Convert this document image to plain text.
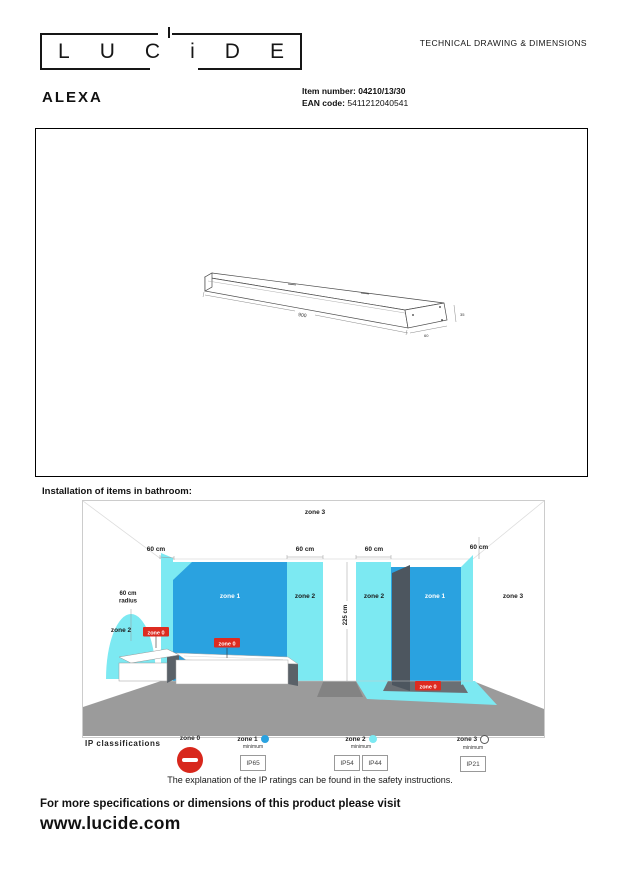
L U C i D E	TECHNICAL DRAWING & DIMENSIONS
ALEXA	Item number: 04210/13/30
EAN code: 5411212040541
900	35
60
Installation of items in bathroom:
zone 3
60 cm	60 cm	60 cm	60 cm
60 cm
radius
zone 2
zone 1	zone 2	zone 2	zone 1	zone 3
225 cm
zone 0
zone 0
zone 0
IP classifications
zone 0	zone 1
minimum
IP65
zone 2
minimum
IP54	IP44
zone 3
minimum
IP21
The explanation of the IP ratings can be found in the safety instructions.
For more specifications or dimensions of this product please visit
www.lucide.com
